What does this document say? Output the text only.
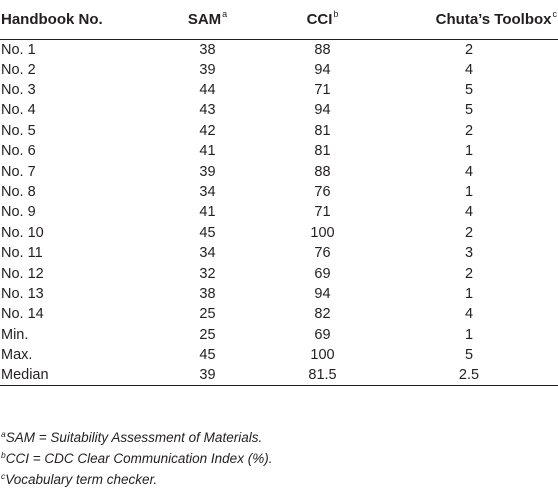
Handbook No.	SAM$^a$	CCI$^b$	Chuta’s Toolbox$^c$
No. 1	38	88	2
No. 2	39	94	4
No. 3	44	71	5
No. 4	43	94	5
No. 5	42	81	2
No. 6	41	81	1
No. 7	39	88	4
No. 8	34	76	1
No. 9	41	71	4
No. 10	45	100	2
No. 11	34	76	3
No. 12	32	69	2
No. 13	38	94	1
No. 14	25	82	4
Min.	25	69	1
Max.	45	100	5
Median	39	81.5	2.5
$^a$SAM = Suitability Assessment of Materials.
$^b$CCI = CDC Clear Communication Index (%).
$^c$Vocabulary term checker.
